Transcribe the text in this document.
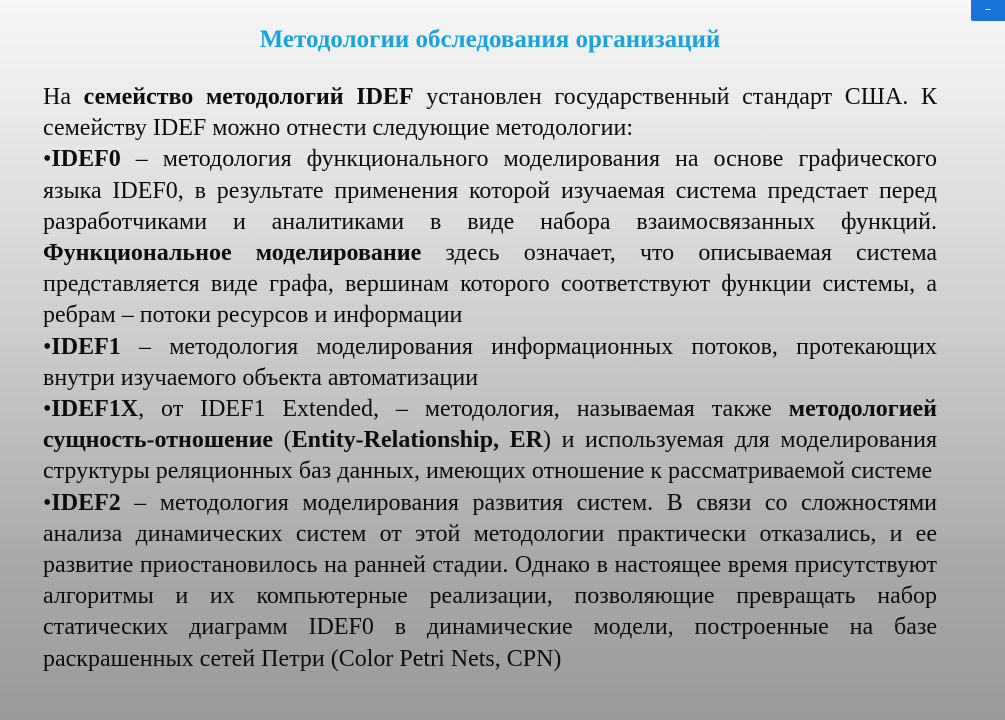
–
Методологии обследования организаций

На семейство методологий IDEF установлен государственный стандарт США. К семейству IDEF можно отнести следующие методологии:

•IDEF0 – методология функционального моделирования на основе графического языка IDEF0, в результате применения которой изучаемая система предстает перед разработчиками и аналитиками в виде набора взаимосвязанных функций. Функциональное моделирование здесь означает, что описываемая система представляется виде графа, вершинам которого соответствуют функции системы, а ребрам – потоки ресурсов и информации

•IDEF1 – методология моделирования информационных потоков, протекающих внутри изучаемого объекта автоматизации

•IDEF1X, от IDEF1 Extended, – методология, называемая также методологией сущность-отношение (Entity-Relationship, ER) и используемая для моделирования структуры реляционных баз данных, имеющих отношение к рассматриваемой системе

•IDEF2 – методология моделирования развития систем. В связи со сложностями анализа динамических систем от этой методологии практически отказались, и ее развитие приостановилось на ранней стадии. Однако в настоящее время присутствуют алгоритмы и их компьютерные реализации, позволяющие превращать набор статических диаграмм IDEF0 в динамические модели, построенные на базе раскрашенных сетей Петри (Color Petri Nets, CPN)
